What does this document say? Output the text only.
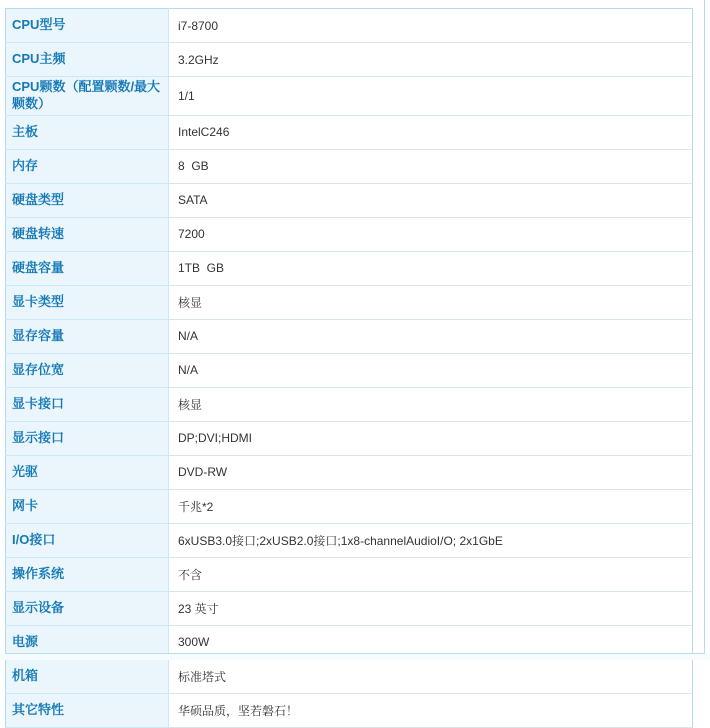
CPU型号	i7-8700
CPU主频	3.2GHz
CPU颗数（配置颗数/最大颗数）	1/1
主板	IntelC246
内存	8  GB
硬盘类型	SATA
硬盘转速	7200
硬盘容量	1TB  GB
显卡类型	核显
显存容量	N/A
显存位宽	N/A
显卡接口	核显
显示接口	DP;DVI;HDMI
光驱	DVD-RW
网卡	千兆*2
I/O接口	6xUSB3.0接口;2xUSB2.0接口;1x8-channelAudioI/O; 2x1GbE
操作系统	不含
显示设备	23 英寸
电源	300W
机箱	标准塔式
其它特性	华硕品质，坚若磐石！
